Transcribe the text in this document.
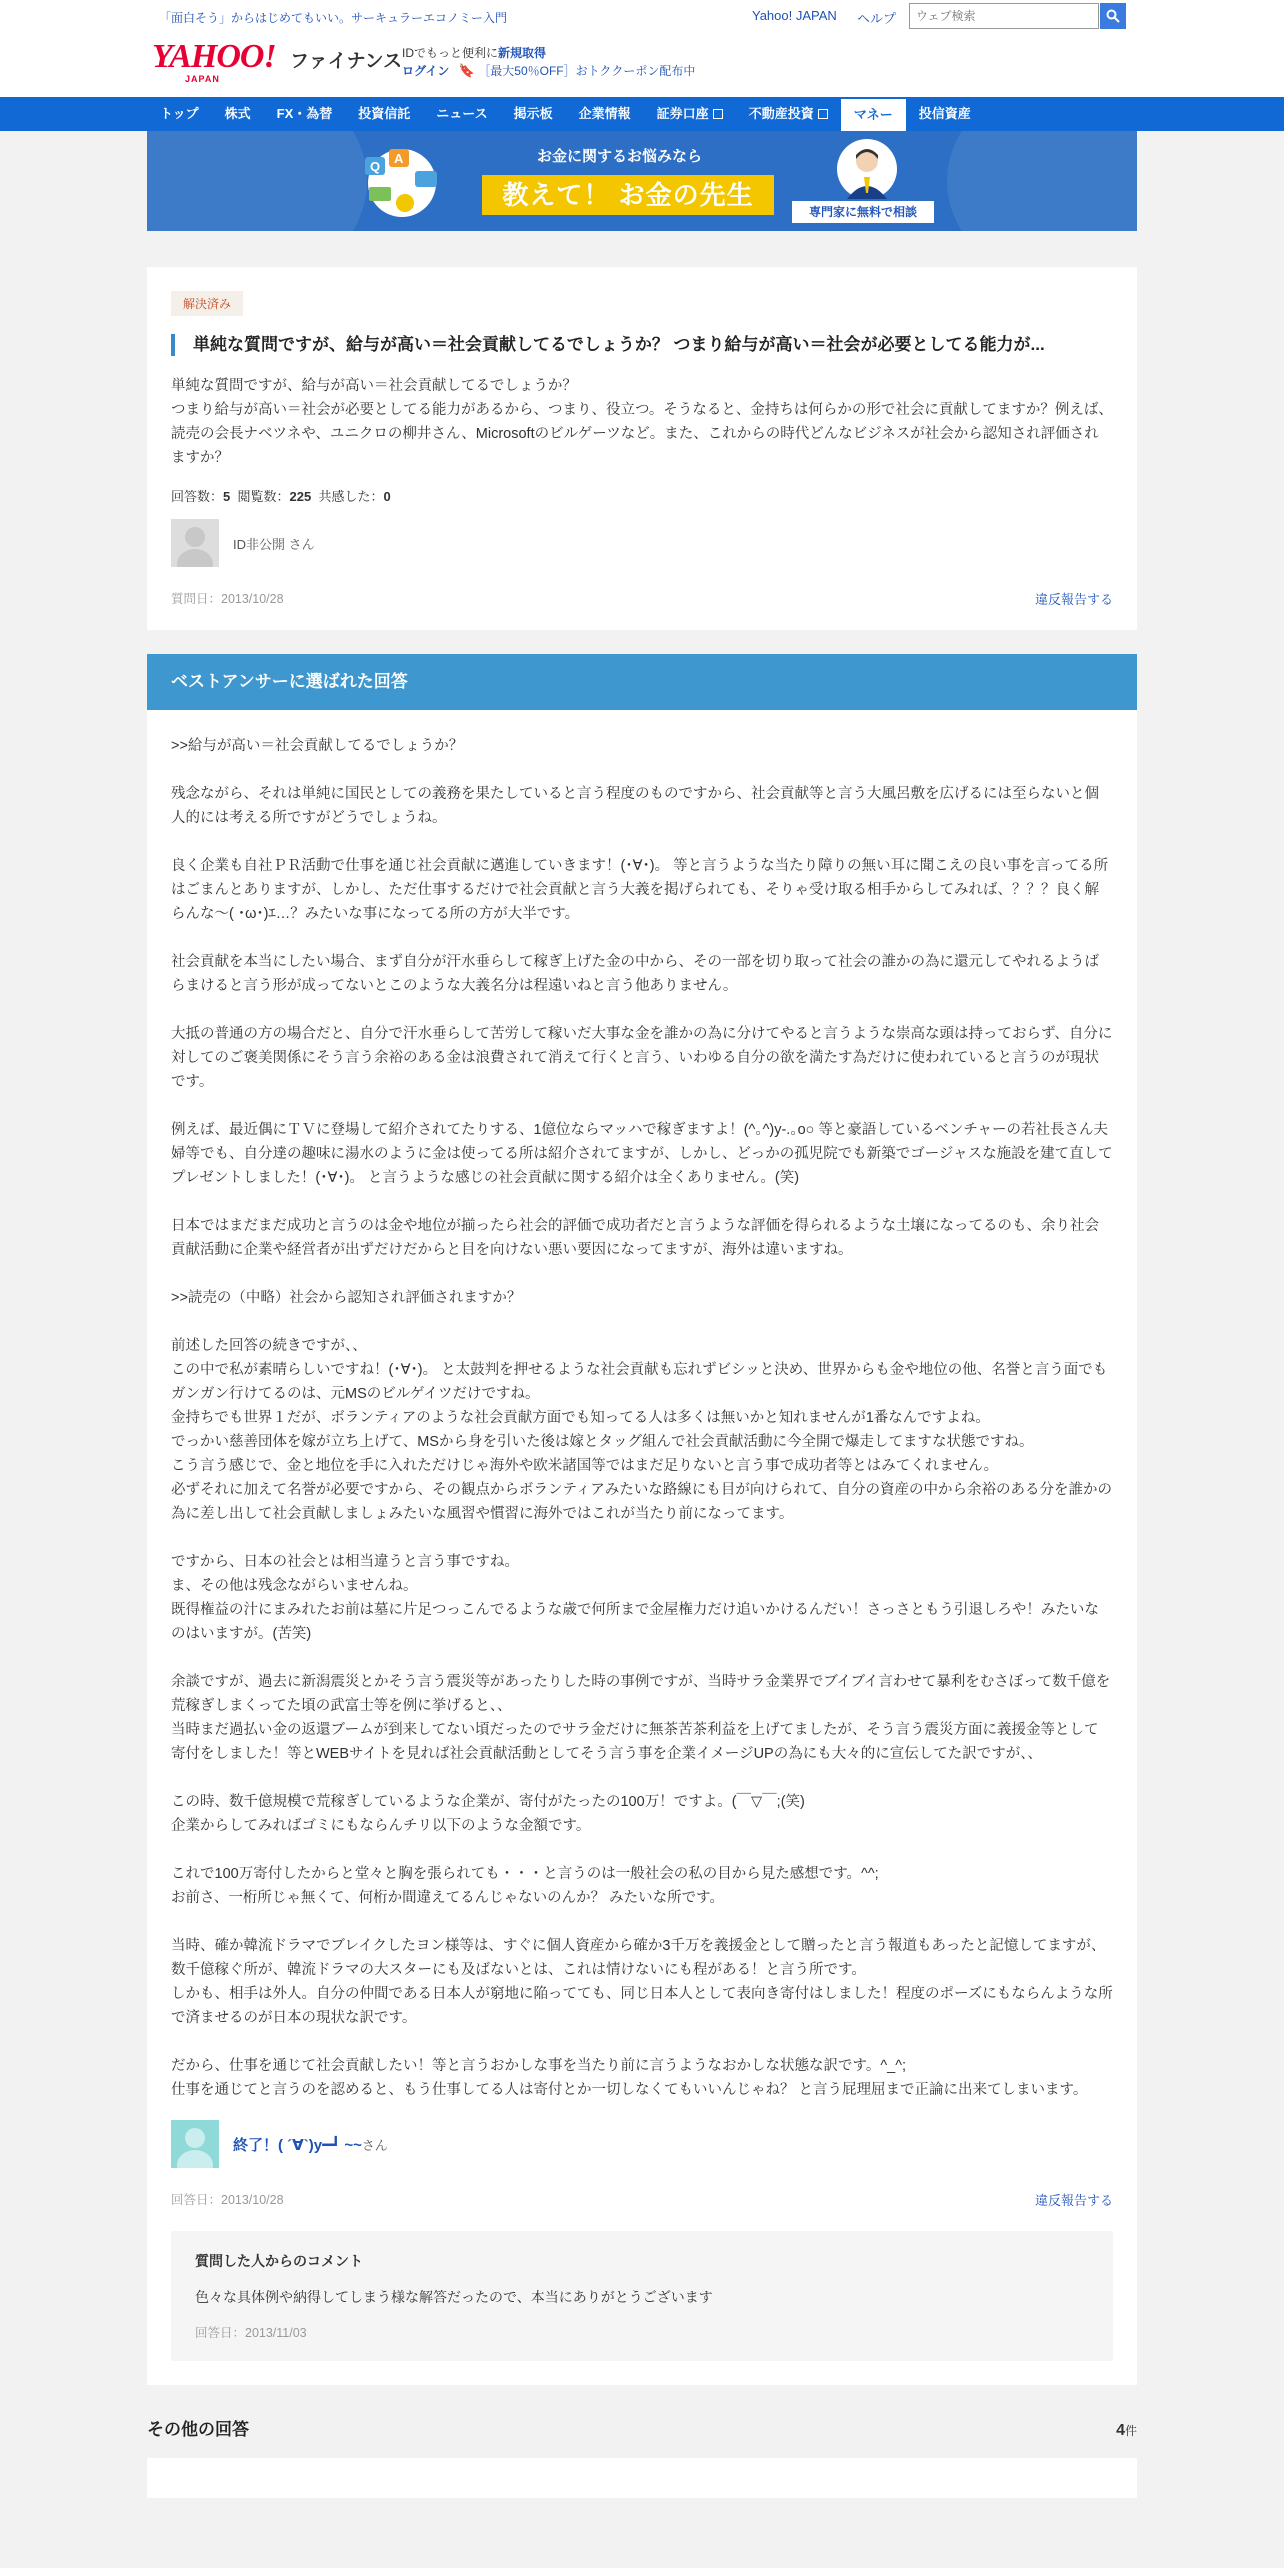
「面白そう」からはじめてもいい。サーキュラーエコノミー入門	Yahoo! JAPAN ヘルプ
ウェブ検索
YAHOO!
JAPAN
ファイナンス IDでもっと便利に新規取得
ログイン 🔖 ［最大50％OFF］おトククーポン配布中
トップ 株式 FX・為替 投資信託 ニュース 掲示板 企業情報 証券口座	不動産投資	マネー 投信資産
Q
A	お金に関するお悩みなら
教えて！ お金の先生
専門家に無料で相談
解決済み
単純な質問ですが、給与が高い＝社会貢献してるでしょうか？ つまり給与が高い＝社会が必要としてる能力が...

単純な質問ですが、給与が高い＝社会貢献してるでしょうか？

つまり給与が高い＝社会が必要としてる能力があるから、つまり、役立つ。そうなると、金持ちは何らかの形で社会に貢献してますか？例えば、読売の会長ナベツネや、ユニクロの柳井さん、Microsoftのビルゲーツなど。また、これからの時代どんなビジネスが社会から認知され評価されますか？

回答数：5 閲覧数：225 共感した：0
ID非公開 さん
質問日：2013/10/28	違反報告する
ベストアンサーに選ばれた回答

>>給与が高い＝社会貢献してるでしょうか？

残念ながら、それは単純に国民としての義務を果たしていると言う程度のものですから、社会貢献等と言う大風呂敷を広げるには至らないと個人的には考える所ですがどうでしょうね。

良く企業も自社ＰＲ活動で仕事を通じ社会貢献に邁進していきます！(･∀･)。 等と言うような当たり障りの無い耳に聞こえの良い事を言ってる所はごまんとありますが、しかし、ただ仕事するだけで社会貢献と言う大義を掲げられても、そりゃ受け取る相手からしてみれば、？？？良く解らんな～( ･ω･)ｴ…？みたいな事になってる所の方が大半です。

社会貢献を本当にしたい場合、まず自分が汗水垂らして稼ぎ上げた金の中から、その一部を切り取って社会の誰かの為に還元してやれるようばらまけると言う形が成ってないとこのような大義名分は程遠いねと言う他ありません。

大抵の普通の方の場合だと、自分で汗水垂らして苦労して稼いだ大事な金を誰かの為に分けてやると言うような崇高な頭は持っておらず、自分に対してのご褒美関係にそう言う余裕のある金は浪費されて消えて行くと言う、いわゆる自分の欲を満たす為だけに使われていると言うのが現状です。

例えば、最近偶にＴＶに登場して紹介されてたりする、1億位ならマッハで稼ぎますよ！(^｡^)y-.｡o○ 等と豪語しているベンチャーの若社長さん夫婦等でも、自分達の趣味に湯水のように金は使ってる所は紹介されてますが、しかし、どっかの孤児院でも新築でゴージャスな施設を建て直してプレゼントしました！(･∀･)。 と言うような感じの社会貢献に関する紹介は全くありません。(笑)

日本ではまだまだ成功と言うのは金や地位が揃ったら社会的評価で成功者だと言うような評価を得られるような土壌になってるのも、余り社会貢献活動に企業や経営者が出ずだけだからと目を向けない悪い要因になってますが、海外は違いますね。

>>読売の（中略）社会から認知され評価されますか？

前述した回答の続きですが、、
この中で私が素晴らしいですね！(･∀･)。 と太鼓判を押せるような社会貢献も忘れずビシッと決め、世界からも金や地位の他、名誉と言う面でもガンガン行けてるのは、元MSのビルゲイツだけですね。
金持ちでも世界１だが、ボランティアのような社会貢献方面でも知ってる人は多くは無いかと知れませんが1番なんですよね。
でっかい慈善団体を嫁が立ち上げて、MSから身を引いた後は嫁とタッグ組んで社会貢献活動に今全開で爆走してますな状態ですね。
こう言う感じで、金と地位を手に入れただけじゃ海外や欧米諸国等ではまだ足りないと言う事で成功者等とはみてくれません。
必ずそれに加えて名誉が必要ですから、その観点からボランティアみたいな路線にも目が向けられて、自分の資産の中から余裕のある分を誰かの為に差し出して社会貢献しましょみたいな風習や慣習に海外ではこれが当たり前になってます。

ですから、日本の社会とは相当違うと言う事ですね。
ま、その他は残念ながらいませんね。
既得権益の汁にまみれたお前は墓に片足つっこんでるような歳で何所まで金屋権力だけ追いかけるんだい！さっさともう引退しろや！みたいなのはいますが。(苦笑)

余談ですが、過去に新潟震災とかそう言う震災等があったりした時の事例ですが、当時サラ金業界でブイブイ言わせて暴利をむさぼって数千億を荒稼ぎしまくってた頃の武富士等を例に挙げると、、
当時まだ過払い金の返還ブームが到来してない頃だったのでサラ金だけに無茶苦茶利益を上げてましたが、そう言う震災方面に義援金等として寄付をしました！等とWEBサイトを見れば社会貢献活動としてそう言う事を企業イメージUPの為にも大々的に宣伝してた訳ですが、、

この時、数千億規模で荒稼ぎしているような企業が、寄付がたったの100万！ですよ。(￣▽￣;(笑)
企業からしてみればゴミにもならんチリ以下のような金額です。

これで100万寄付したからと堂々と胸を張られても・・・と言うのは一般社会の私の目から見た感想です。^^;
お前さ、一桁所じゃ無くて、何桁か間違えてるんじゃないのんか？ みたいな所です。

当時、確か韓流ドラマでブレイクしたヨン様等は、すぐに個人資産から確か3千万を義援金として贈ったと言う報道もあったと記憶してますが、数千億稼ぐ所が、韓流ドラマの大スターにも及ばないとは、これは情けないにも程がある！と言う所です。
しかも、相手は外人。自分の仲間である日本人が窮地に陥ってても、同じ日本人として表向き寄付はしました！程度のポーズにもならんような所で済ませるのが日本の現状な訳です。

だから、仕事を通じて社会貢献したい！等と言うおかしな事を当たり前に言うようなおかしな状態な訳です。^_^;
仕事を通じてと言うのを認めると、もう仕事してる人は寄付とか一切しなくてもいいんじゃね？ と言う屁理屈まで正論に出来てしまいます。

終了！( ´∀`)y━┛ ~~さん
回答日：2013/10/28	違反報告する
質問した人からのコメント
色々な具体例や納得してしまう様な解答だったので、本当にありがとうございます
回答日：2013/11/03
その他の回答	4件
